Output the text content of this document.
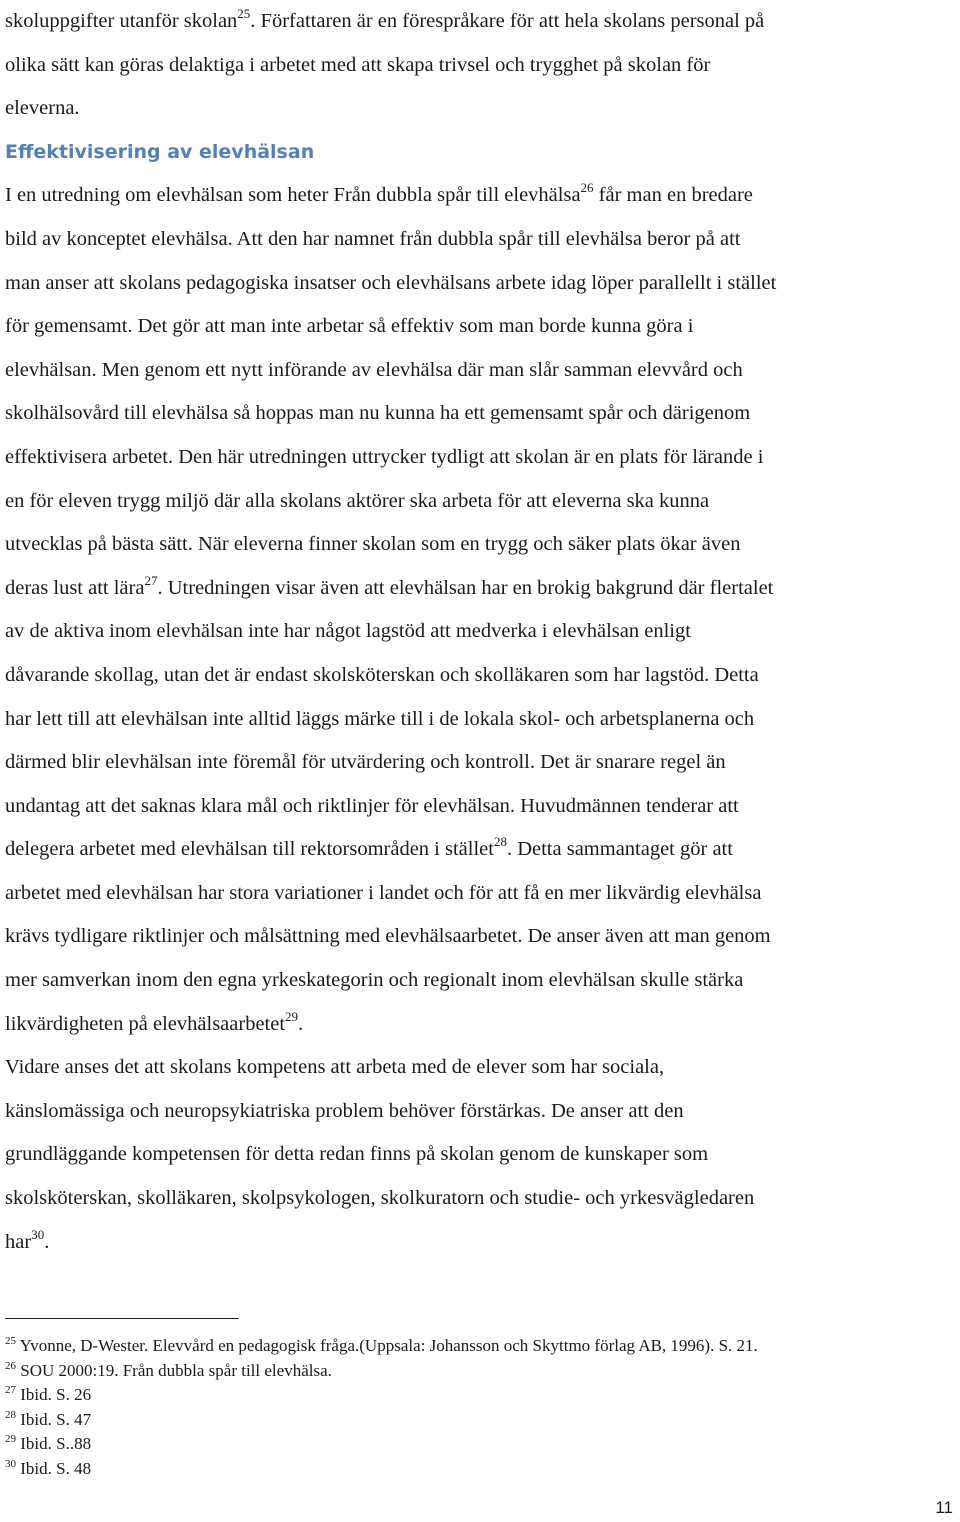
skoluppgifter utanför skolan$^{25}$. Författaren är en förespråkare för att hela skolans personal på
olika sätt kan göras delaktiga i arbetet med att skapa trivsel och trygghet på skolan för
eleverna.
Effektivisering av elevhälsan
I en utredning om elevhälsan som heter Från dubbla spår till elevhälsa$^{26}$ får man en bredare
bild av konceptet elevhälsa. Att den har namnet från dubbla spår till elevhälsa beror på att
man anser att skolans pedagogiska insatser och elevhälsans arbete idag löper parallellt i stället
för gemensamt. Det gör att man inte arbetar så effektiv som man borde kunna göra i
elevhälsan. Men genom ett nytt införande av elevhälsa där man slår samman elevvård och
skolhälsovård till elevhälsa så hoppas man nu kunna ha ett gemensamt spår och därigenom
effektivisera arbetet. Den här utredningen uttrycker tydligt att skolan är en plats för lärande i
en för eleven trygg miljö där alla skolans aktörer ska arbeta för att eleverna ska kunna
utvecklas på bästa sätt. När eleverna finner skolan som en trygg och säker plats ökar även
deras lust att lära$^{27}$. Utredningen visar även att elevhälsan har en brokig bakgrund där flertalet
av de aktiva inom elevhälsan inte har något lagstöd att medverka i elevhälsan enligt
dåvarande skollag, utan det är endast skolsköterskan och skolläkaren som har lagstöd. Detta
har lett till att elevhälsan inte alltid läggs märke till i de lokala skol- och arbetsplanerna och
därmed blir elevhälsan inte föremål för utvärdering och kontroll. Det är snarare regel än
undantag att det saknas klara mål och riktlinjer för elevhälsan. Huvudmännen tenderar att
delegera arbetet med elevhälsan till rektorsområden i stället$^{28}$. Detta sammantaget gör att
arbetet med elevhälsan har stora variationer i landet och för att få en mer likvärdig elevhälsa
krävs tydligare riktlinjer och målsättning med elevhälsaarbetet. De anser även att man genom
mer samverkan inom den egna yrkeskategorin och regionalt inom elevhälsan skulle stärka
likvärdigheten på elevhälsaarbetet$^{29}$.
Vidare anses det att skolans kompetens att arbeta med de elever som har sociala,
känslomässiga och neuropsykiatriska problem behöver förstärkas. De anser att den
grundläggande kompetensen för detta redan finns på skolan genom de kunskaper som
skolsköterskan, skolläkaren, skolpsykologen, skolkuratorn och studie- och yrkesvägledaren
har$^{30}$.
$^{25}$ Yvonne, D-Wester. Elevvård en pedagogisk fråga.(Uppsala: Johansson och Skyttmo förlag AB, 1996). S. 21.
$^{26}$ SOU 2000:19. Från dubbla spår till elevhälsa.
$^{27}$ Ibid. S. 26
$^{28}$ Ibid. S. 47
$^{29}$ Ibid. S..88
$^{30}$ Ibid. S. 48
11
